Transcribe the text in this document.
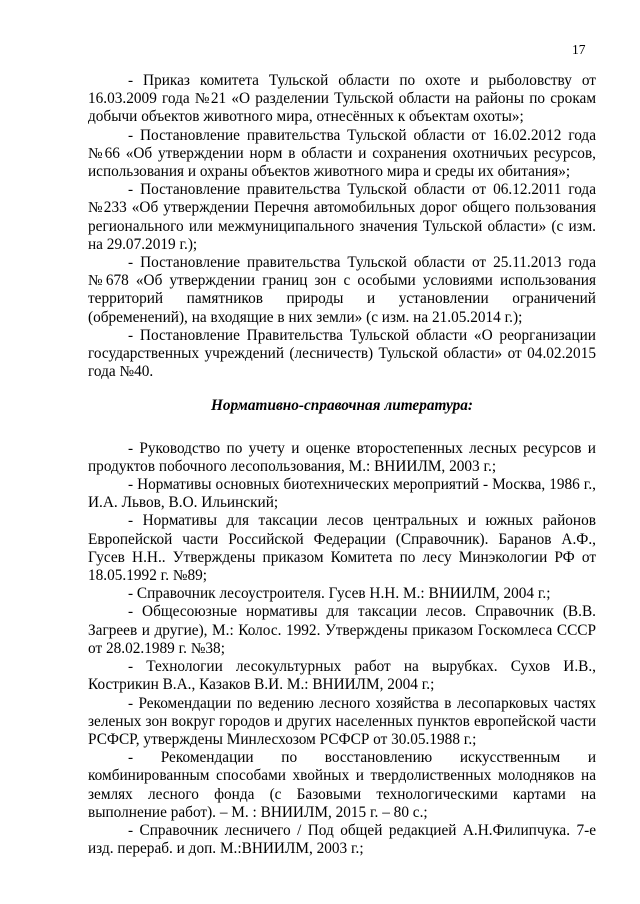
17

- Приказ комитета Тульской области по охоте и рыболовству от 16.03.2009 года №21 «О разделении Тульской области на районы по срокам добычи объектов животного мира, отнесённых к объектам охоты»;

- Постановление правительства Тульской области от 16.02.2012 года №66 «Об утверждении норм в области и сохранения охотничьих ресурсов, использования и охраны объектов животного мира и среды их обитания»;

- Постановление правительства Тульской области от 06.12.2011 года №233 «Об утверждении Перечня автомобильных дорог общего пользования регионального или межмуниципального значения Тульской области» (с изм. на 29.07.2019 г.);

- Постановление правительства Тульской области от 25.11.2013 года №678 «Об утверждении границ зон с особыми условиями использования территорий памятников природы и установлении ограничений (обременений), на входящие в них земли» (с изм. на 21.05.2014 г.);

- Постановление Правительства Тульской области «О реорганизации государственных учреждений (лесничеств) Тульской области» от 04.02.2015 года №40.

Нормативно-справочная литература:

- Руководство по учету и оценке второстепенных лесных ресурсов и продуктов побочного лесопользования, М.: ВНИИЛМ, 2003 г.;

- Нормативы основных биотехнических мероприятий - Москва, 1986 г., И.А. Львов, В.О. Ильинский;

- Нормативы для таксации лесов центральных и южных районов Европейской части Российской Федерации (Справочник). Баранов А.Ф., Гусев Н.Н.. Утверждены приказом Комитета по лесу Минэкологии РФ от 18.05.1992 г. №89;

- Справочник лесоустроителя. Гусев Н.Н. М.: ВНИИЛМ, 2004 г.;

- Общесоюзные нормативы для таксации лесов. Справочник (В.В. Загреев и другие), М.: Колос. 1992. Утверждены приказом Госкомлеса СССР от 28.02.1989 г. №38;

- Технологии лесокультурных работ на вырубках. Сухов И.В., Кострикин В.А., Казаков В.И. М.: ВНИИЛМ, 2004 г.;

- Рекомендации по ведению лесного хозяйства в лесопарковых частях зеленых зон вокруг городов и других населенных пунктов европейской части РСФСР, утверждены Минлесхозом РСФСР от 30.05.1988 г.;

- Рекомендации по восстановлению искусственным и комбинированным способами хвойных и твердолиственных молодняков на землях лесного фонда (с Базовыми технологическими картами на выполнение работ). – М. : ВНИИЛМ, 2015 г. – 80 с.;

- Справочник лесничего / Под общей редакцией А.Н.Филипчука. 7-е изд. перераб. и доп. М.:ВНИИЛМ, 2003 г.;
